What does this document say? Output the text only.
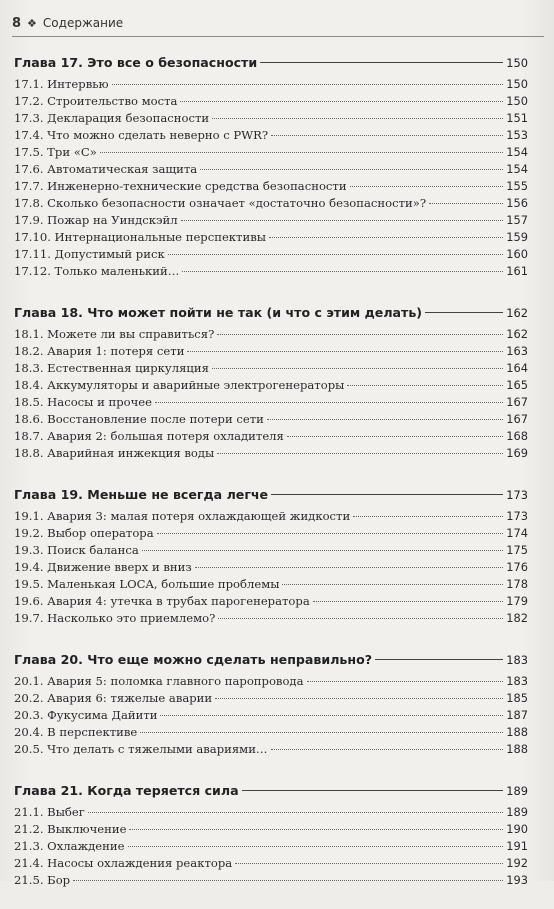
8 ❖ Содержание
Глава 17. Это все о безопасности	150
17.1. Интервью	150
17.2. Строительство моста	150
17.3. Декларация безопасности	151
17.4. Что можно сделать неверно с PWR?	153
17.5. Три «С»	154
17.6. Автоматическая защита	154
17.7. Инженерно-технические средства безопасности	155
17.8. Сколько безопасности означает «достаточно безопасности»?	156
17.9. Пожар на Уиндскэйл	157
17.10. Интернациональные перспективы	159
17.11. Допустимый риск	160
17.12. Только маленький…	161
Глава 18. Что может пойти не так (и что с этим делать)	162
18.1. Можете ли вы справиться?	162
18.2. Авария 1: потеря сети	163
18.3. Естественная циркуляция	164
18.4. Аккумуляторы и аварийные электрогенераторы	165
18.5. Насосы и прочее	167
18.6. Восстановление после потери сети	167
18.7. Авария 2: большая потеря охладителя	168
18.8. Аварийная инжекция воды	169
Глава 19. Меньше не всегда легче	173
19.1. Авария 3: малая потеря охлаждающей жидкости	173
19.2. Выбор оператора	174
19.3. Поиск баланса	175
19.4. Движение вверх и вниз	176
19.5. Маленькая LOCA, большие проблемы	178
19.6. Авария 4: утечка в трубах парогенератора	179
19.7. Насколько это приемлемо?	182
Глава 20. Что еще можно сделать неправильно?	183
20.1. Авария 5: поломка главного паропровода	183
20.2. Авария 6: тяжелые аварии	185
20.3. Фукусима Дайити	187
20.4. В перспективе	188
20.5. Что делать с тяжелыми авариями…	188
Глава 21. Когда теряется сила	189
21.1. Выбег	189
21.2. Выключение	190
21.3. Охлаждение	191
21.4. Насосы охлаждения реактора	192
21.5. Бор	193
